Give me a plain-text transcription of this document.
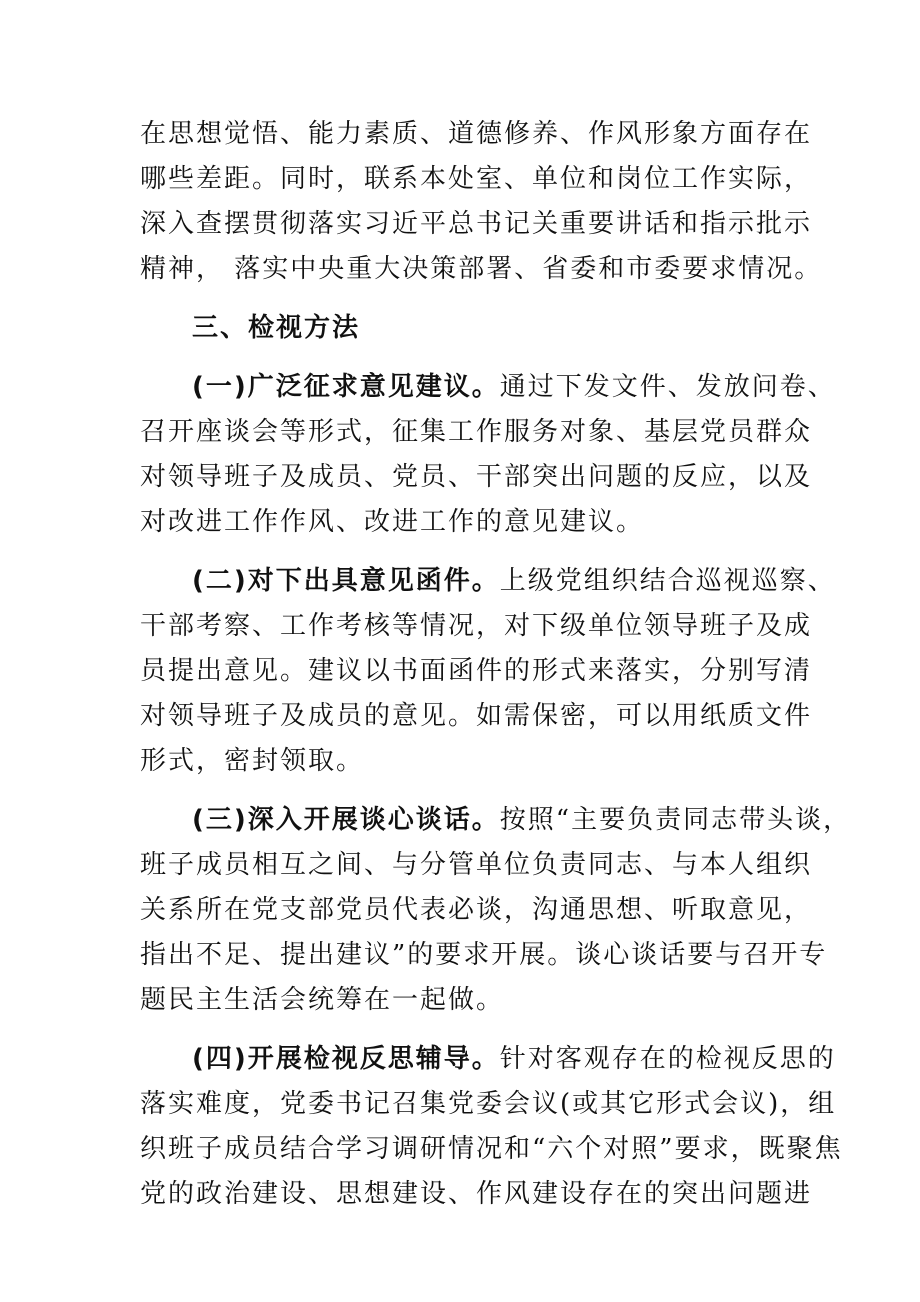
在思想觉悟、能力素质、道德修养、作风形象方面存在
哪些差距。同时，联系本处室、单位和岗位工作实际，
深入查摆贯彻落实习近平总书记关重要讲话和指示批示
精神， 落实中央重大决策部署、省委和市委要求情况。
三、检视方法
(一)广泛征求意见建议。通过下发文件、发放问卷、
召开座谈会等形式，征集工作服务对象、基层党员群众
对领导班子及成员、党员、干部突出问题的反应，以及
对改进工作作风、改进工作的意见建议。
(二)对下出具意见函件。上级党组织结合巡视巡察、
干部考察、工作考核等情况，对下级单位领导班子及成
员提出意见。建议以书面函件的形式来落实，分别写清
对领导班子及成员的意见。如需保密，可以用纸质文件
形式，密封领取。
(三)深入开展谈心谈话。按照“主要负责同志带头谈，
班子成员相互之间、与分管单位负责同志、与本人组织
关系所在党支部党员代表必谈，沟通思想、听取意见，
指出不足、提出建议”的要求开展。谈心谈话要与召开专
题民主生活会统筹在一起做。
(四)开展检视反思辅导。针对客观存在的检视反思的
落实难度，党委书记召集党委会议(或其它形式会议)，组
织班子成员结合学习调研情况和“六个对照”要求，既聚焦
党的政治建设、思想建设、作风建设存在的突出问题进
